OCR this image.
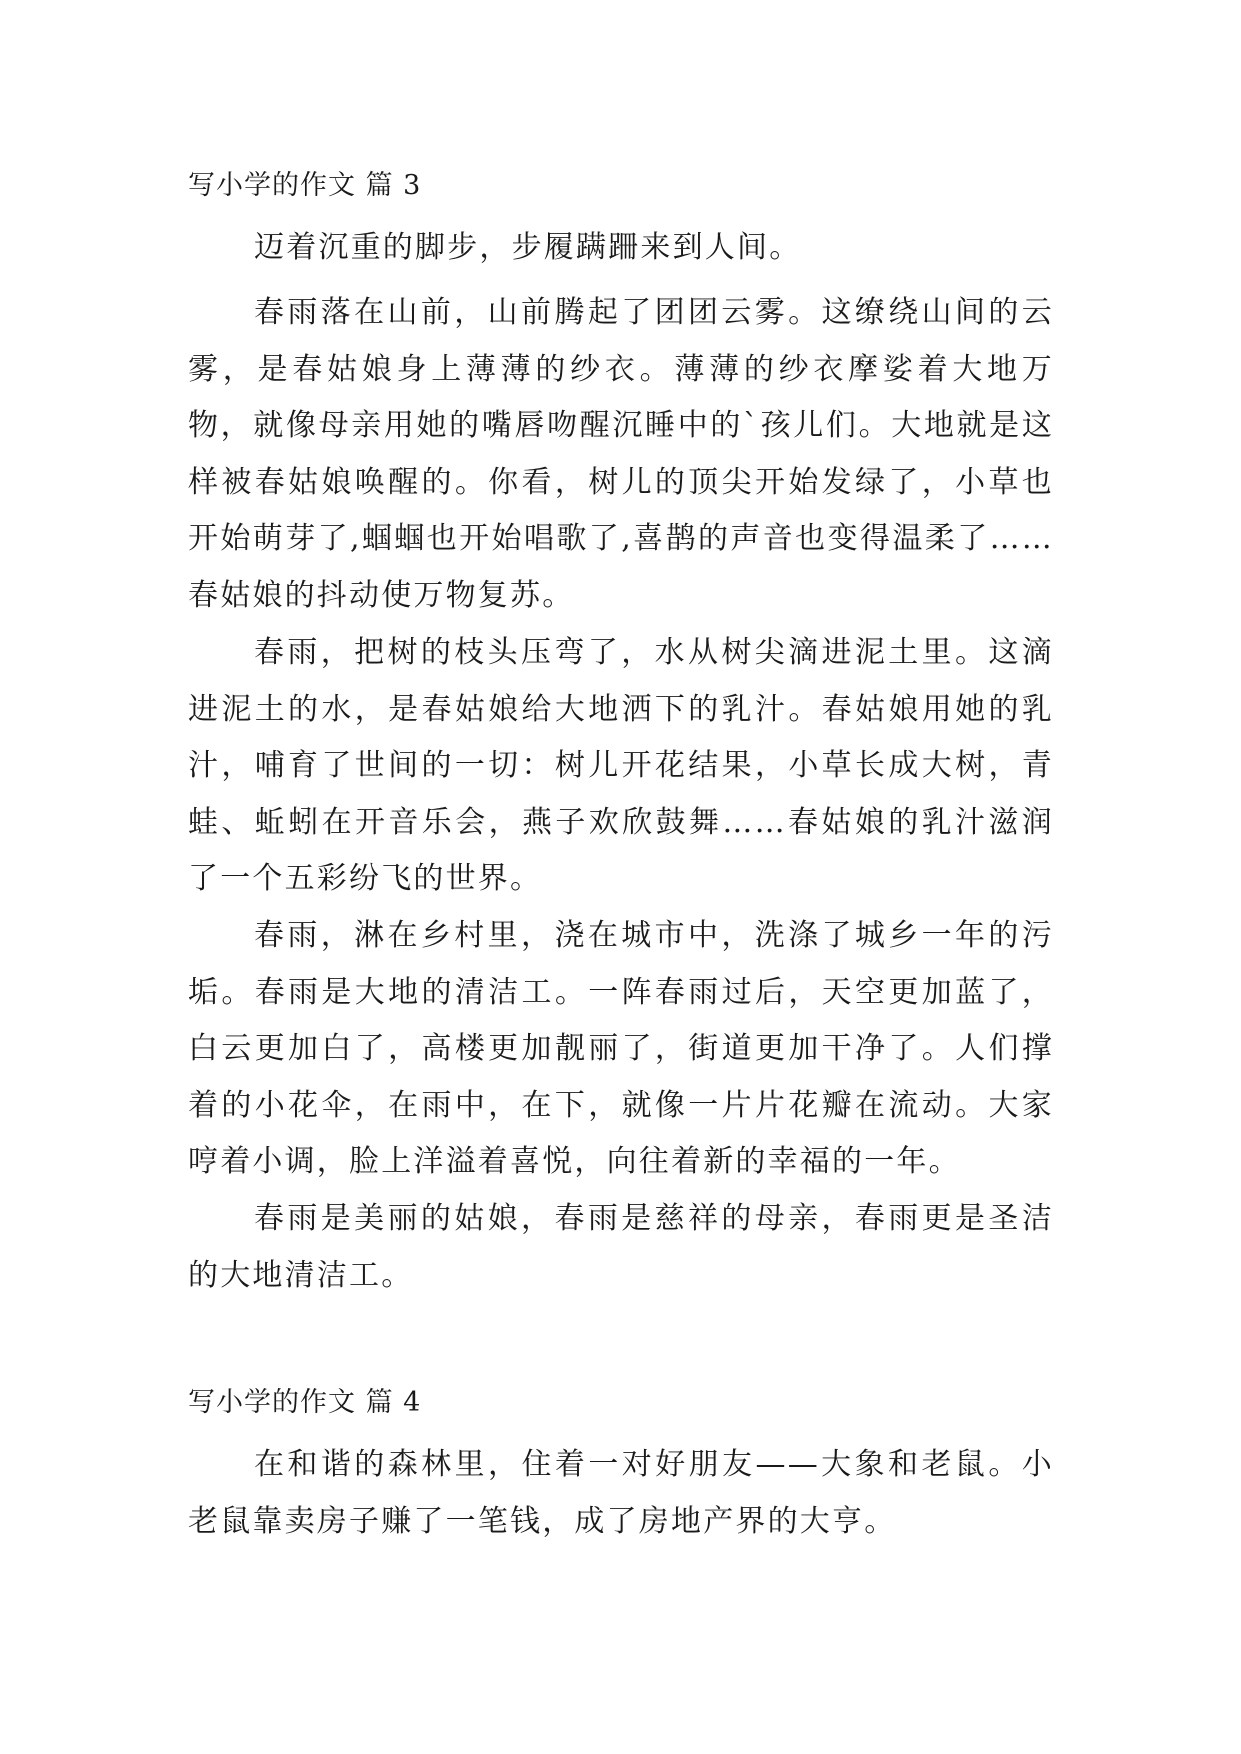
写小学的作文 篇 3

迈着沉重的脚步，步履蹒跚来到人间。

春雨落在山前，山前腾起了团团云雾。这缭绕山间的云雾，是春姑娘身上薄薄的纱衣。薄薄的纱衣摩娑着大地万物，就像母亲用她的嘴唇吻醒沉睡中的`孩儿们。大地就是这样被春姑娘唤醒的。你看，树儿的顶尖开始发绿了，小草也开始萌芽了,蝈蝈也开始唱歌了,喜鹊的声音也变得温柔了……春姑娘的抖动使万物复苏。

春雨，把树的枝头压弯了，水从树尖滴进泥土里。这滴进泥土的水，是春姑娘给大地洒下的乳汁。春姑娘用她的乳汁，哺育了世间的一切：树儿开花结果，小草长成大树，青蛙、蚯蚓在开音乐会，燕子欢欣鼓舞……春姑娘的乳汁滋润了一个五彩纷飞的世界。

春雨，淋在乡村里，浇在城市中，洗涤了城乡一年的污垢。春雨是大地的清洁工。一阵春雨过后，天空更加蓝了，白云更加白了，高楼更加靓丽了，街道更加干净了。人们撑着的小花伞，在雨中，在下，就像一片片花瓣在流动。大家哼着小调，脸上洋溢着喜悦，向往着新的幸福的一年。

春雨是美丽的姑娘，春雨是慈祥的母亲，春雨更是圣洁的大地清洁工。

写小学的作文 篇 4

在和谐的森林里，住着一对好朋友——大象和老鼠。小老鼠靠卖房子赚了一笔钱，成了房地产界的大亨。
